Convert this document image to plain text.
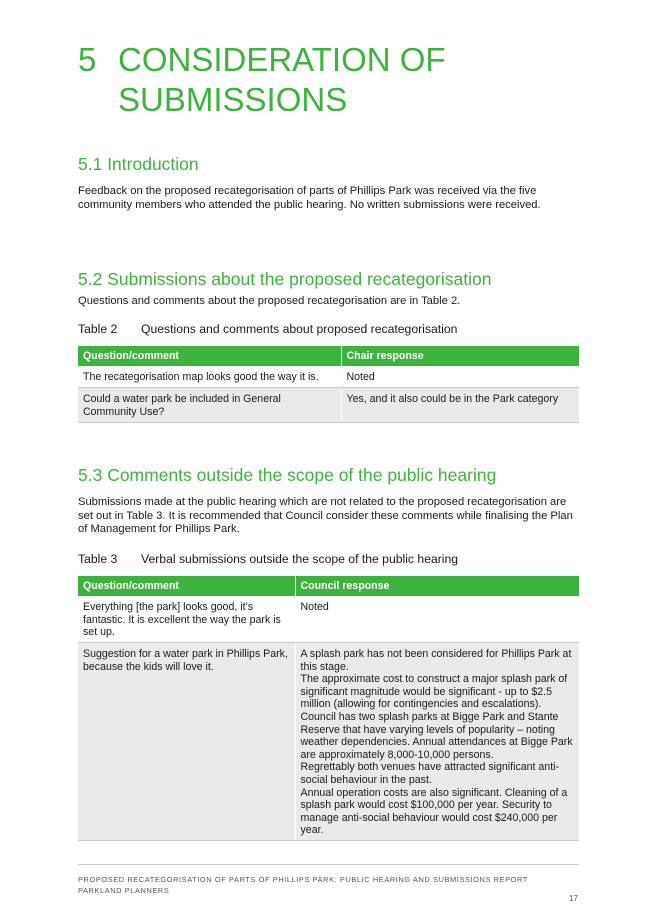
5 CONSIDERATION OF SUBMISSIONS
5.1 Introduction
Feedback on the proposed recategorisation of parts of Phillips Park was received via the five community members who attended the public hearing. No written submissions were received.
5.2 Submissions about the proposed recategorisation
Questions and comments about the proposed recategorisation are in Table 2.
Table 2 Questions and comments about proposed recategorisation
Question/comment	Chair response
The recategorisation map looks good the way it is.	Noted
Could a water park be included in General Community Use?	Yes, and it also could be in the Park category
5.3 Comments outside the scope of the public hearing
Submissions made at the public hearing which are not related to the proposed recategorisation are set out in Table 3. It is recommended that Council consider these comments while finalising the Plan of Management for Phillips Park.
Table 3 Verbal submissions outside the scope of the public hearing
Question/comment	Council response
Everything [the park] looks good, it’s fantastic. It is excellent the way the park is set up.	Noted
Suggestion for a water park in Phillips Park, because the kids will love it.	A splash park has not been considered for Phillips Park at this stage.
The approximate cost to construct a major splash park of significant magnitude would be significant - up to $2.5 million (allowing for contingencies and escalations).
Council has two splash parks at Bigge Park and Stante Reserve that have varying levels of popularity – noting weather dependencies. Annual attendances at Bigge Park are approximately 8,000-10,000 persons.
Regrettably both venues have attracted significant anti-social behaviour in the past.
Annual operation costs are also significant. Cleaning of a splash park would cost $100,000 per year. Security to manage anti-social behaviour would cost $240,000 per year.
PROPOSED RECATEGORISATION OF PARTS OF PHILLIPS PARK: PUBLIC HEARING AND SUBMISSIONS REPORT
PARKLAND PLANNERS
17
